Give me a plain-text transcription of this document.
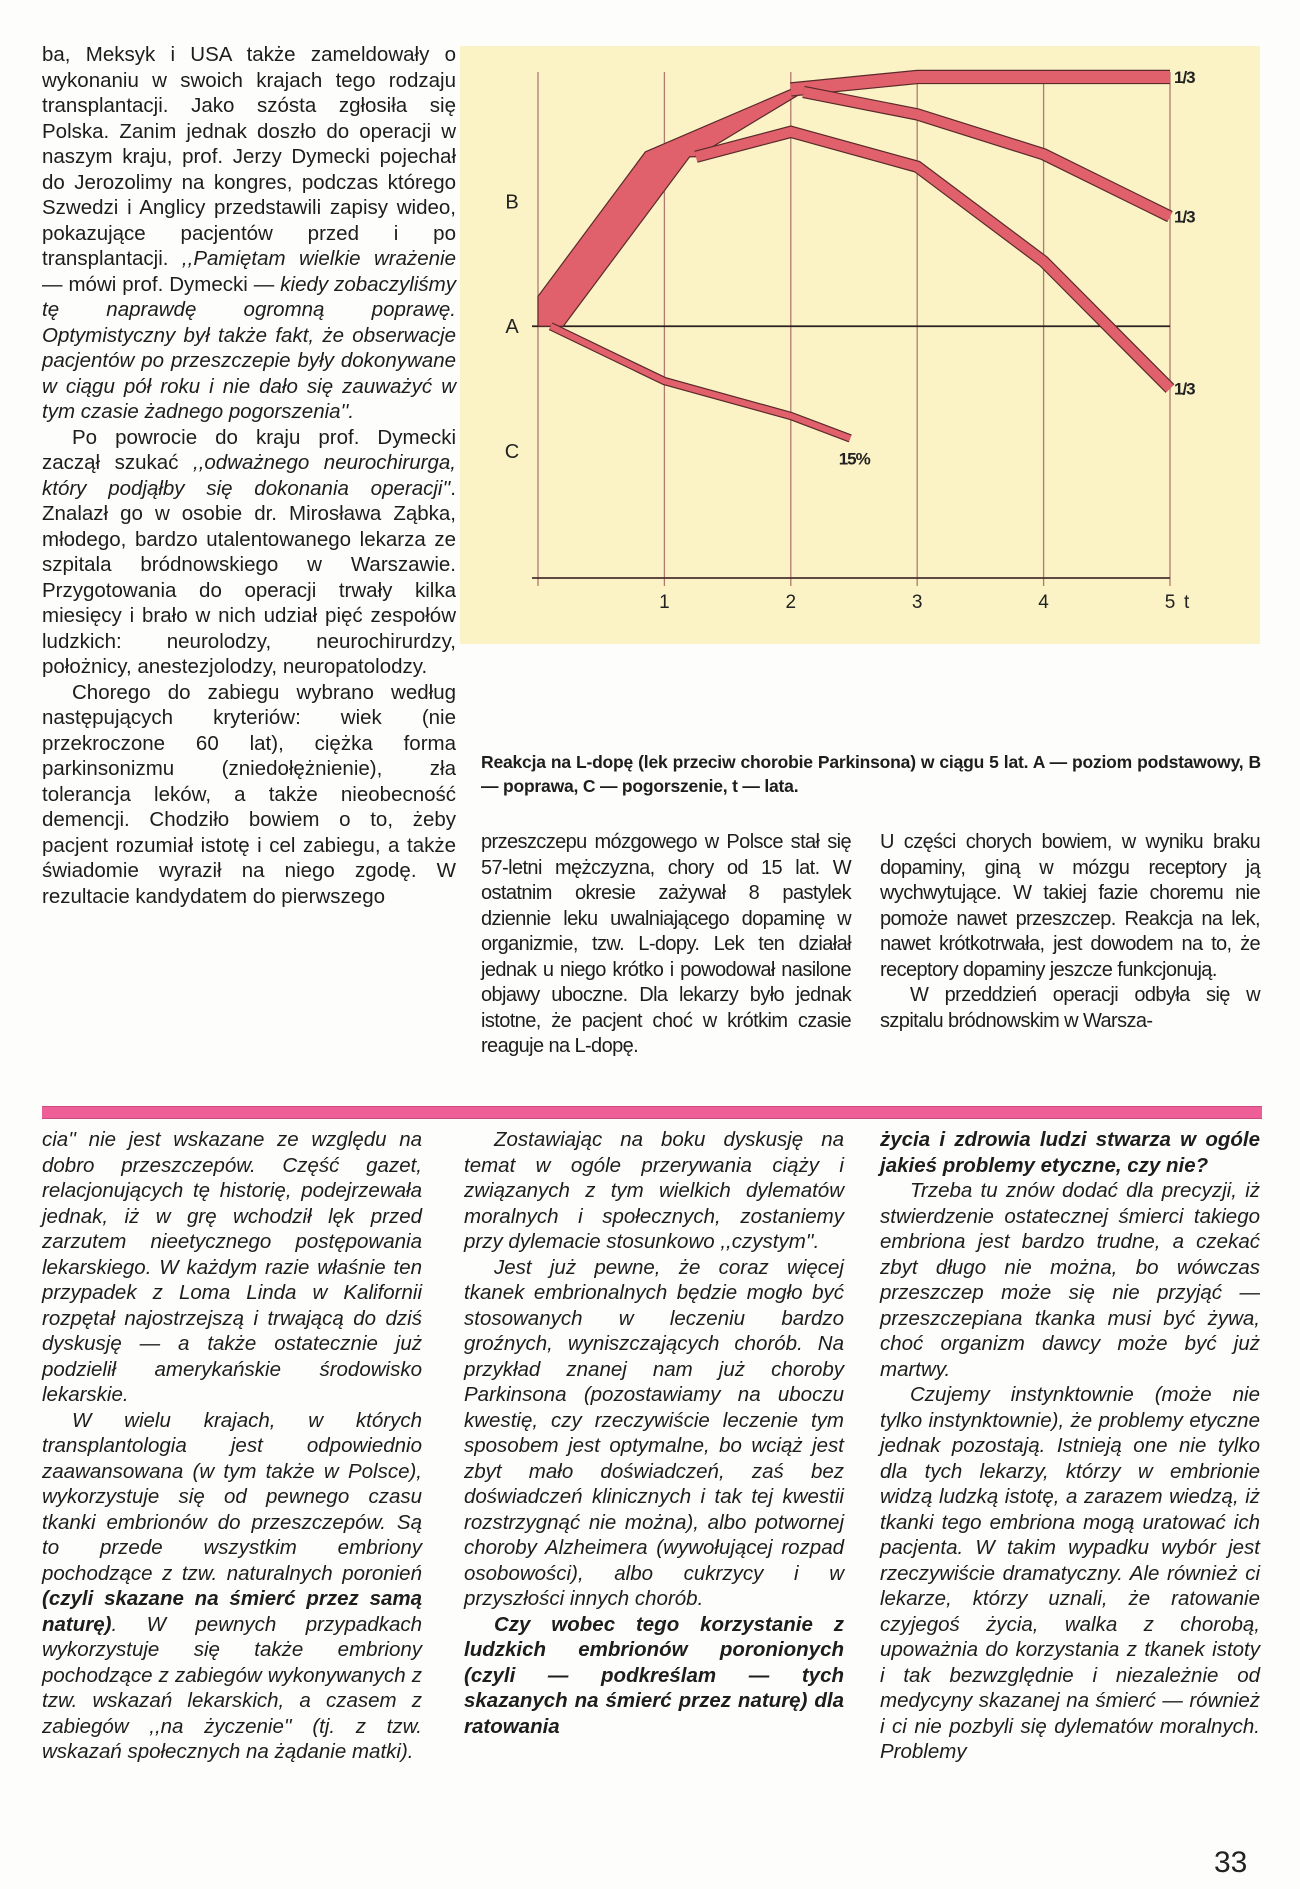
ba, Meksyk i USA także zameldowały o wykonaniu w swoich krajach tego rodzaju transplantacji. Jako szósta zgłosiła się Polska. Zanim jednak doszło do operacji w naszym kraju, prof. Jerzy Dymecki pojechał do Jerozolimy na kongres, podczas którego Szwedzi i Anglicy przedstawili zapisy wideo, pokazujące pacjentów przed i po transplantacji. ,,Pamiętam wielkie wrażenie — mówi prof. Dymecki — kiedy zobaczyliśmy tę naprawdę ogromną poprawę. Optymistyczny był także fakt, że obserwacje pacjentów po przeszczepie były dokonywane w ciągu pół roku i nie dało się zauważyć w tym czasie żadnego pogorszenia''.

Po powrocie do kraju prof. Dymecki zaczął szukać ,,odważnego neurochirurga, który podjąłby się dokonania operacji''. Znalazł go w osobie dr. Mirosława Ząbka, młodego, bardzo utalentowanego lekarza ze szpitala bródnowskiego w Warszawie. Przygotowania do operacji trwały kilka miesięcy i brało w nich udział pięć zespołów ludzkich: neurolodzy, neurochirurdzy, położnicy, anestezjolodzy, neuropatolodzy.

Chorego do zabiegu wybrano według następujących kryteriów: wiek (nie przekroczone 60 lat), ciężka forma parkinsonizmu (zniedołężnienie), zła tolerancja leków, a także nieobecność demencji. Chodziło bowiem o to, żeby pacjent rozumiał istotę i cel zabiegu, a także świadomie wyraził na niego zgodę. W rezultacie kandydatem do pierwszego

1	2	3	4	5 t
B
A
C
1/3
1/3
1/3
15%
Reakcja na L-dopę (lek przeciw chorobie Parkinsona) w ciągu 5 lat. A — poziom podstawowy, B — poprawa, C — pogorszenie, t — lata.

przeszczepu mózgowego w Polsce stał się 57-letni mężczyzna, chory od 15 lat. W ostatnim okresie zażywał 8 pastylek dziennie leku uwalniającego dopaminę w organizmie, tzw. L-dopy. Lek ten działał jednak u niego krótko i powodował nasilone objawy uboczne. Dla lekarzy było jednak istotne, że pacjent choć w krótkim czasie reaguje na L-dopę.

U części chorych bowiem, w wyniku braku dopaminy, giną w mózgu receptory ją wychwytujące. W takiej fazie choremu nie pomoże nawet przeszczep. Reakcja na lek, nawet krótkotrwała, jest dowodem na to, że receptory dopaminy jeszcze funkcjonują.

W przeddzień operacji odbyła się w szpitalu bródnowskim w Warsza-

cia'' nie jest wskazane ze względu na dobro przeszczepów. Część gazet, relacjonujących tę historię, podejrzewała jednak, iż w grę wchodził lęk przed zarzutem nieetycznego postępowania lekarskiego. W każdym razie właśnie ten przypadek z Loma Linda w Kalifornii rozpętał najostrzejszą i trwającą do dziś dyskusję — a także ostatecznie już podzielił amerykańskie środowisko lekarskie.

W wielu krajach, w których transplantologia jest odpowiednio zaawansowana (w tym także w Polsce), wykorzystuje się od pewnego czasu tkanki embrionów do przeszczepów. Są to przede wszystkim embriony pochodzące z tzw. naturalnych poronień (czyli skazane na śmierć przez samą naturę). W pewnych przypadkach wykorzystuje się także embriony pochodzące z zabiegów wykonywanych z tzw. wskazań lekarskich, a czasem z zabiegów ,,na życzenie'' (tj. z tzw. wskazań społecznych na żądanie matki).

Zostawiając na boku dyskusję na temat w ogóle przerywania ciąży i związanych z tym wielkich dylematów moralnych i społecznych, zostaniemy przy dylemacie stosunkowo ,,czystym''.

Jest już pewne, że coraz więcej tkanek embrionalnych będzie mogło być stosowanych w leczeniu bardzo groźnych, wyniszczających chorób. Na przykład znanej nam już choroby Parkinsona (pozostawiamy na uboczu kwestię, czy rzeczywiście leczenie tym sposobem jest optymalne, bo wciąż jest zbyt mało doświadczeń, zaś bez doświadczeń klinicznych i tak tej kwestii rozstrzygnąć nie można), albo potwornej choroby Alzheimera (wywołującej rozpad osobowości), albo cukrzycy i w przyszłości innych chorób.

Czy wobec tego korzystanie z ludzkich embrionów poronionych (czyli — podkreślam — tych skazanych na śmierć przez naturę) dla ratowania

życia i zdrowia ludzi stwarza w ogóle jakieś problemy etyczne, czy nie?

Trzeba tu znów dodać dla precyzji, iż stwierdzenie ostatecznej śmierci takiego embriona jest bardzo trudne, a czekać zbyt długo nie można, bo wówczas przeszczep może się nie przyjąć — przeszczepiana tkanka musi być żywa, choć organizm dawcy może być już martwy.

Czujemy instynktownie (może nie tylko instynktownie), że problemy etyczne jednak pozostają. Istnieją one nie tylko dla tych lekarzy, którzy w embrionie widzą ludzką istotę, a zarazem wiedzą, iż tkanki tego embriona mogą uratować ich pacjenta. W takim wypadku wybór jest rzeczywiście dramatyczny. Ale również ci lekarze, którzy uznali, że ratowanie czyjegoś życia, walka z chorobą, upoważnia do korzystania z tkanek istoty i tak bezwzględnie i niezależnie od medycyny skazanej na śmierć — również i ci nie pozbyli się dylematów moralnych. Problemy

33
